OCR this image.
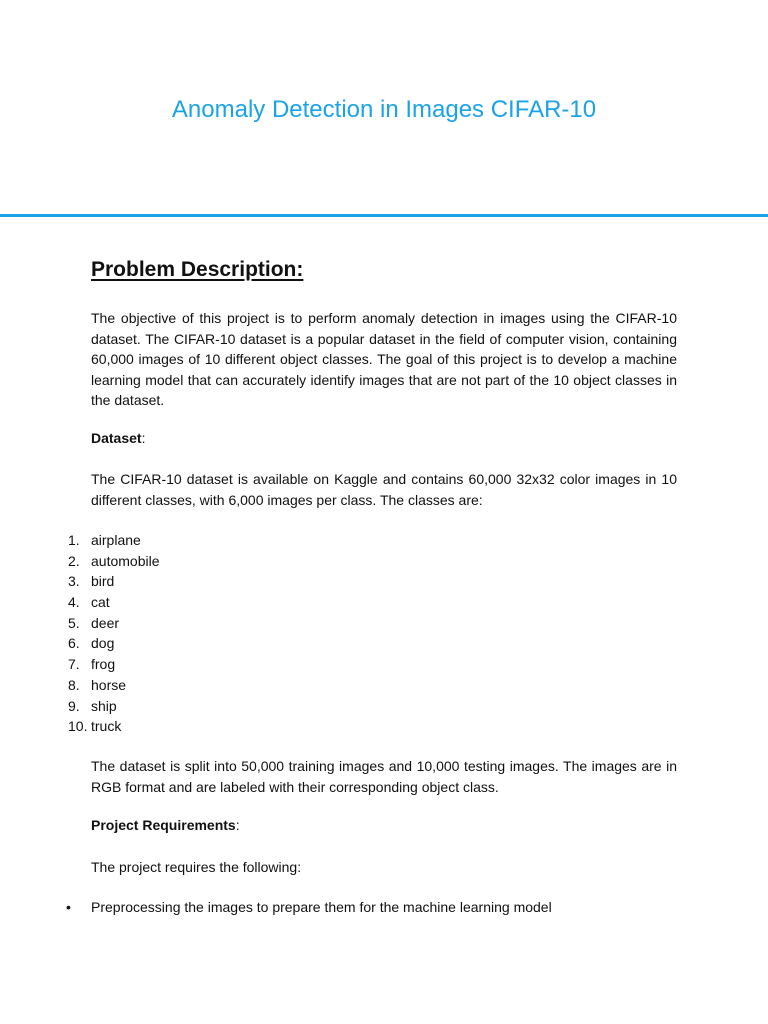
Anomaly Detection in Images CIFAR-10
Problem Description:
The objective of this project is to perform anomaly detection in images using the CIFAR-10 dataset. The CIFAR-10 dataset is a popular dataset in the field of computer vision, containing 60,000 images of 10 different object classes. The goal of this project is to develop a machine learning model that can accurately identify images that are not part of the 10 object classes in the dataset.
Dataset:
The CIFAR-10 dataset is available on Kaggle and contains 60,000 32x32 color images in 10 different classes, with 6,000 images per class. The classes are:
1. airplane
2. automobile
3. bird
4. cat
5. deer
6. dog
7. frog
8. horse
9. ship
10. truck
The dataset is split into 50,000 training images and 10,000 testing images. The images are in RGB format and are labeled with their corresponding object class.
Project Requirements:
The project requires the following:
• Preprocessing the images to prepare them for the machine learning model
